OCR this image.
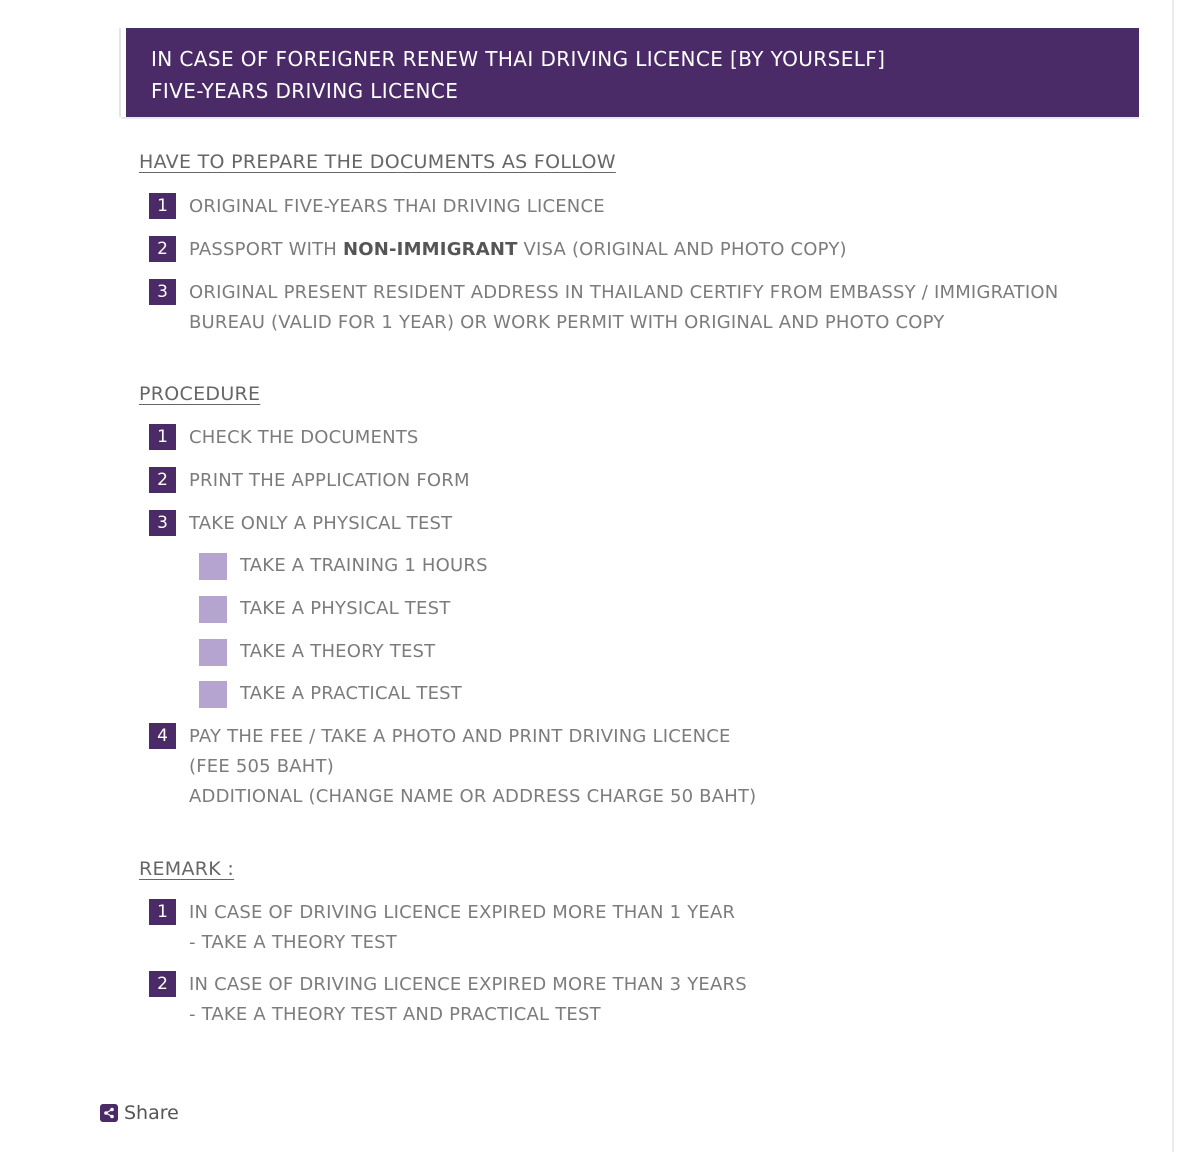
IN CASE OF FOREIGNER RENEW THAI DRIVING LICENCE [BY YOURSELF]
FIVE-YEARS DRIVING LICENCE
HAVE TO PREPARE THE DOCUMENTS AS FOLLOW
1	ORIGINAL FIVE-YEARS THAI DRIVING LICENCE
2	PASSPORT WITH NON-IMMIGRANT VISA (ORIGINAL AND PHOTO COPY)
3	ORIGINAL PRESENT RESIDENT ADDRESS IN THAILAND CERTIFY FROM EMBASSY / IMMIGRATION
BUREAU (VALID FOR 1 YEAR) OR WORK PERMIT WITH ORIGINAL AND PHOTO COPY
PROCEDURE
1	CHECK THE DOCUMENTS
2	PRINT THE APPLICATION FORM
3	TAKE ONLY A PHYSICAL TEST
TAKE A TRAINING 1 HOURS
TAKE A PHYSICAL TEST
TAKE A THEORY TEST
TAKE A PRACTICAL TEST
4	PAY THE FEE / TAKE A PHOTO AND PRINT DRIVING LICENCE
(FEE 505 BAHT)
ADDITIONAL (CHANGE NAME OR ADDRESS CHARGE 50 BAHT)
REMARK :
1	IN CASE OF DRIVING LICENCE EXPIRED MORE THAN 1 YEAR
- TAKE A THEORY TEST
2	IN CASE OF DRIVING LICENCE EXPIRED MORE THAN 3 YEARS
- TAKE A THEORY TEST AND PRACTICAL TEST
Share
